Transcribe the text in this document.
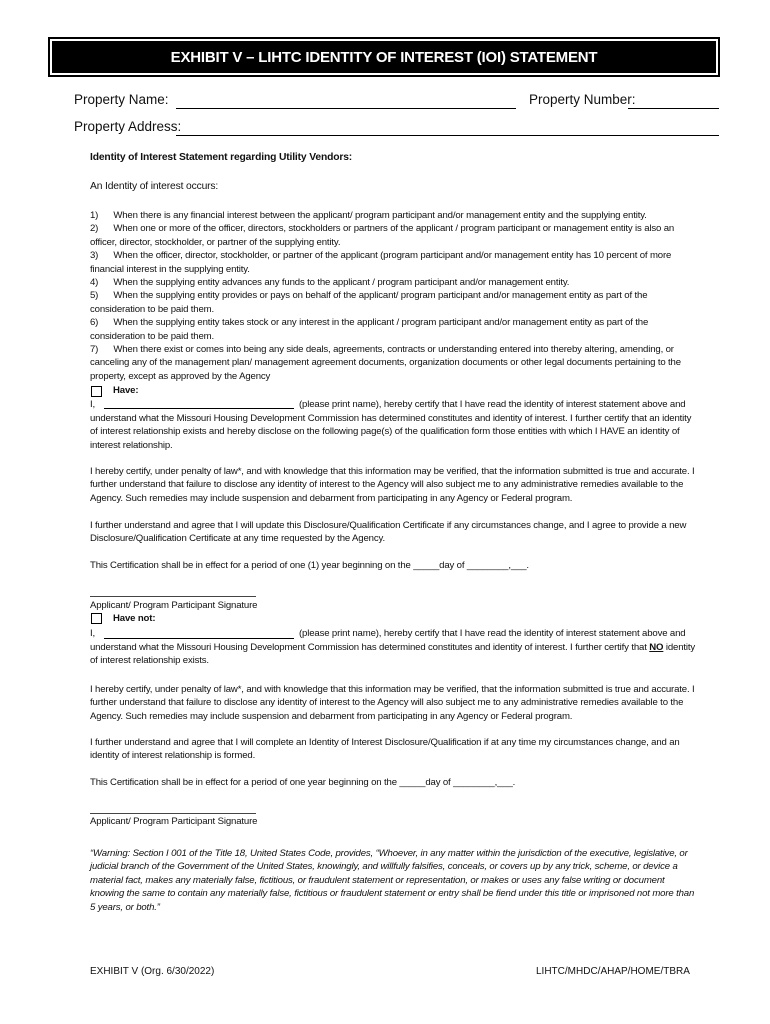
EXHIBIT V – LIHTC IDENTITY OF INTEREST (IOI) STATEMENT
Property Name:	Property Number:
Property Address:
Identity of Interest Statement regarding Utility Vendors:
An Identity of interest occurs:
1) When there is any financial interest between the applicant/ program participant and/or management entity and the supplying entity.
2) When one or more of the officer, directors, stockholders or partners of the applicant / program participant or management entity is also an
officer, director, stockholder, or partner of the supplying entity.
3) When the officer, director, stockholder, or partner of the applicant (program participant and/or management entity has 10 percent of more
financial interest in the supplying entity.
4) When the supplying entity advances any funds to the applicant / program participant and/or management entity.
5) When the supplying entity provides or pays on behalf of the applicant/ program participant and/or management entity as part of the
consideration to be paid them.
6) When the supplying entity takes stock or any interest in the applicant / program participant and/or management entity as part of the
consideration to be paid them.
7) When there exist or comes into being any side deals, agreements, contracts or understanding entered into thereby altering, amending, or
canceling any of the management plan/ management agreement documents, organization documents or other legal documents pertaining to the
property, except as approved by the Agency
Have:
I,	(please print name), hereby certify that I have read the identity of interest statement above and
understand what the Missouri Housing Development Commission has determined constitutes and identity of interest. I further certify that an identity
of interest relationship exists and hereby disclose on the following page(s) of the qualification form those entities with which I HAVE an identity of
interest relationship.
I hereby certify, under penalty of law*, and with knowledge that this information may be verified, that the information submitted is true and accurate. I
further understand that failure to disclose any identity of interest to the Agency will also subject me to any administrative remedies available to the
Agency. Such remedies may include suspension and debarment from participating in any Agency or Federal program.
I further understand and agree that I will update this Disclosure/Qualification Certificate if any circumstances change, and I agree to provide a new
Disclosure/Qualification Certificate at any time requested by the Agency.
This Certification shall be in effect for a period of one (1) year beginning on the _____day of ________,___.
Applicant/ Program Participant Signature
Have not:
I,	(please print name), hereby certify that I have read the identity of interest statement above and
understand what the Missouri Housing Development Commission has determined constitutes and identity of interest. I further certify that NO identity
of interest relationship exists.
I hereby certify, under penalty of law*, and with knowledge that this information may be verified, that the information submitted is true and accurate. I
further understand that failure to disclose any identity of interest to the Agency will also subject me to any administrative remedies available to the
Agency. Such remedies may include suspension and debarment from participating in any Agency or Federal program.
I further understand and agree that I will complete an Identity of Interest Disclosure/Qualification if at any time my circumstances change, and an
identity of interest relationship is formed.
This Certification shall be in effect for a period of one year beginning on the _____day of ________,___.
Applicant/ Program Participant Signature
“Warning: Section I 001 of the Title 18, United States Code, provides, “Whoever, in any matter within the jurisdiction of the executive, legislative, or
judicial branch of the Government of the United States, knowingly, and willfully falsifies, conceals, or covers up by any trick, scheme, or device a
material fact, makes any materially false, fictitious, or fraudulent statement or representation, or makes or uses any false writing or document
knowing the same to contain any materially false, fictitious or fraudulent statement or entry shall be fiend under this title or imprisoned not more than
5 years, or both.”
EXHIBIT V (Org. 6/30/2022)	LIHTC/MHDC/AHAP/HOME/TBRA
